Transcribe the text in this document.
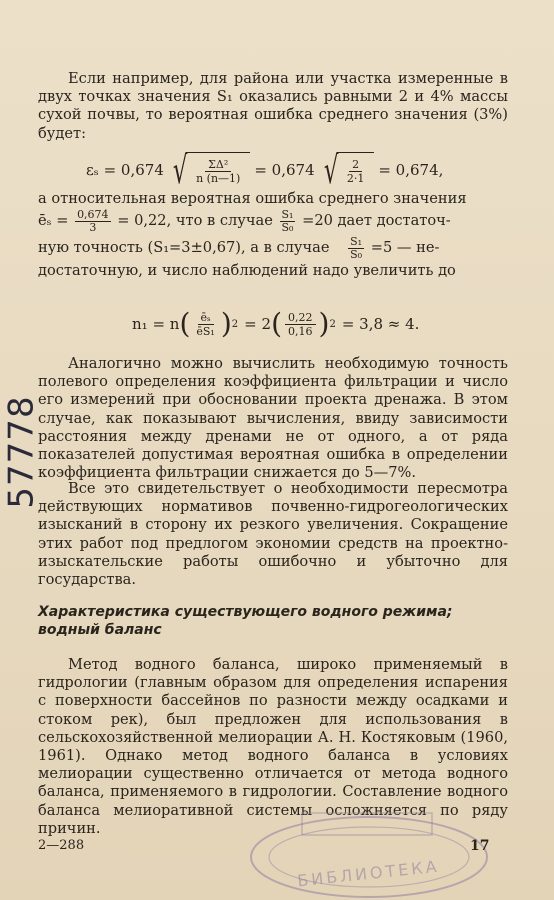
Если например, для района или участка измеренные в двух точках значения S₁ оказались равными 2 и 4% массы сухой почвы, то вероятная ошибка среднего значения (3%) будет:

εₛ = 0,674 √ $\frac{\text{ΣΔ²}}{n (n—1)} = 0,674$ √ $\frac{2}{2\cdot 1} = 0,674$,

а относительная вероятная ошибка среднего значения

ēₛ = $\frac{0,674}{3} = 0,22$, что в случае $\frac{\text{S₁}}{\text{S₀}} =20$ дает достаточ-

ную точность (S₁=3±0,67), а в случае $\frac{\text{S₁}}{\text{S₀}} =5$ — не-

достаточную, и число наблюдений надо увеличить до

n₁ = n ( $\frac{\text{ēₛ}}{\text{ēS₁}}$ ) 2 = 2 ( $\frac{0,22}{0,16}$ ) 2 = 3,8 ≈ 4.

Аналогично можно вычислить необходимую точность полевого определения коэффициента фильтрации и число его измерений при обосновании проекта дренажа. В этом случае, как показывают вычисления, ввиду зависимости расстояния между дренами не от одного, а от ряда показателей допустимая вероятная ошибка в определении коэффициента фильтрации снижается до 5—7%.

Все это свидетельствует о необходимости пересмотра действующих нормативов почвенно-гидрогеологических изысканий в сторону их резкого увеличения. Сокращение этих работ под предлогом экономии средств на проектно-изыскательские работы ошибочно и убыточно для государства.

Характеристика существующего водного режима; водный баланс

Метод водного баланса, широко применяемый в гидрологии (главным образом для определения испарения с поверхности бассейнов по разности между осадками и стоком рек), был предложен для использования в сельскохозяйственной мелиорации А. Н. Костяковым (1960, 1961). Однако метод водного баланса в условиях мелиорации существенно отличается от метода водного баланса, применяемого в гидрологии. Составление водного баланса мелиоративной системы осложняется по ряду причин.

57778
БИБЛИОТЕКА
2—288	17
